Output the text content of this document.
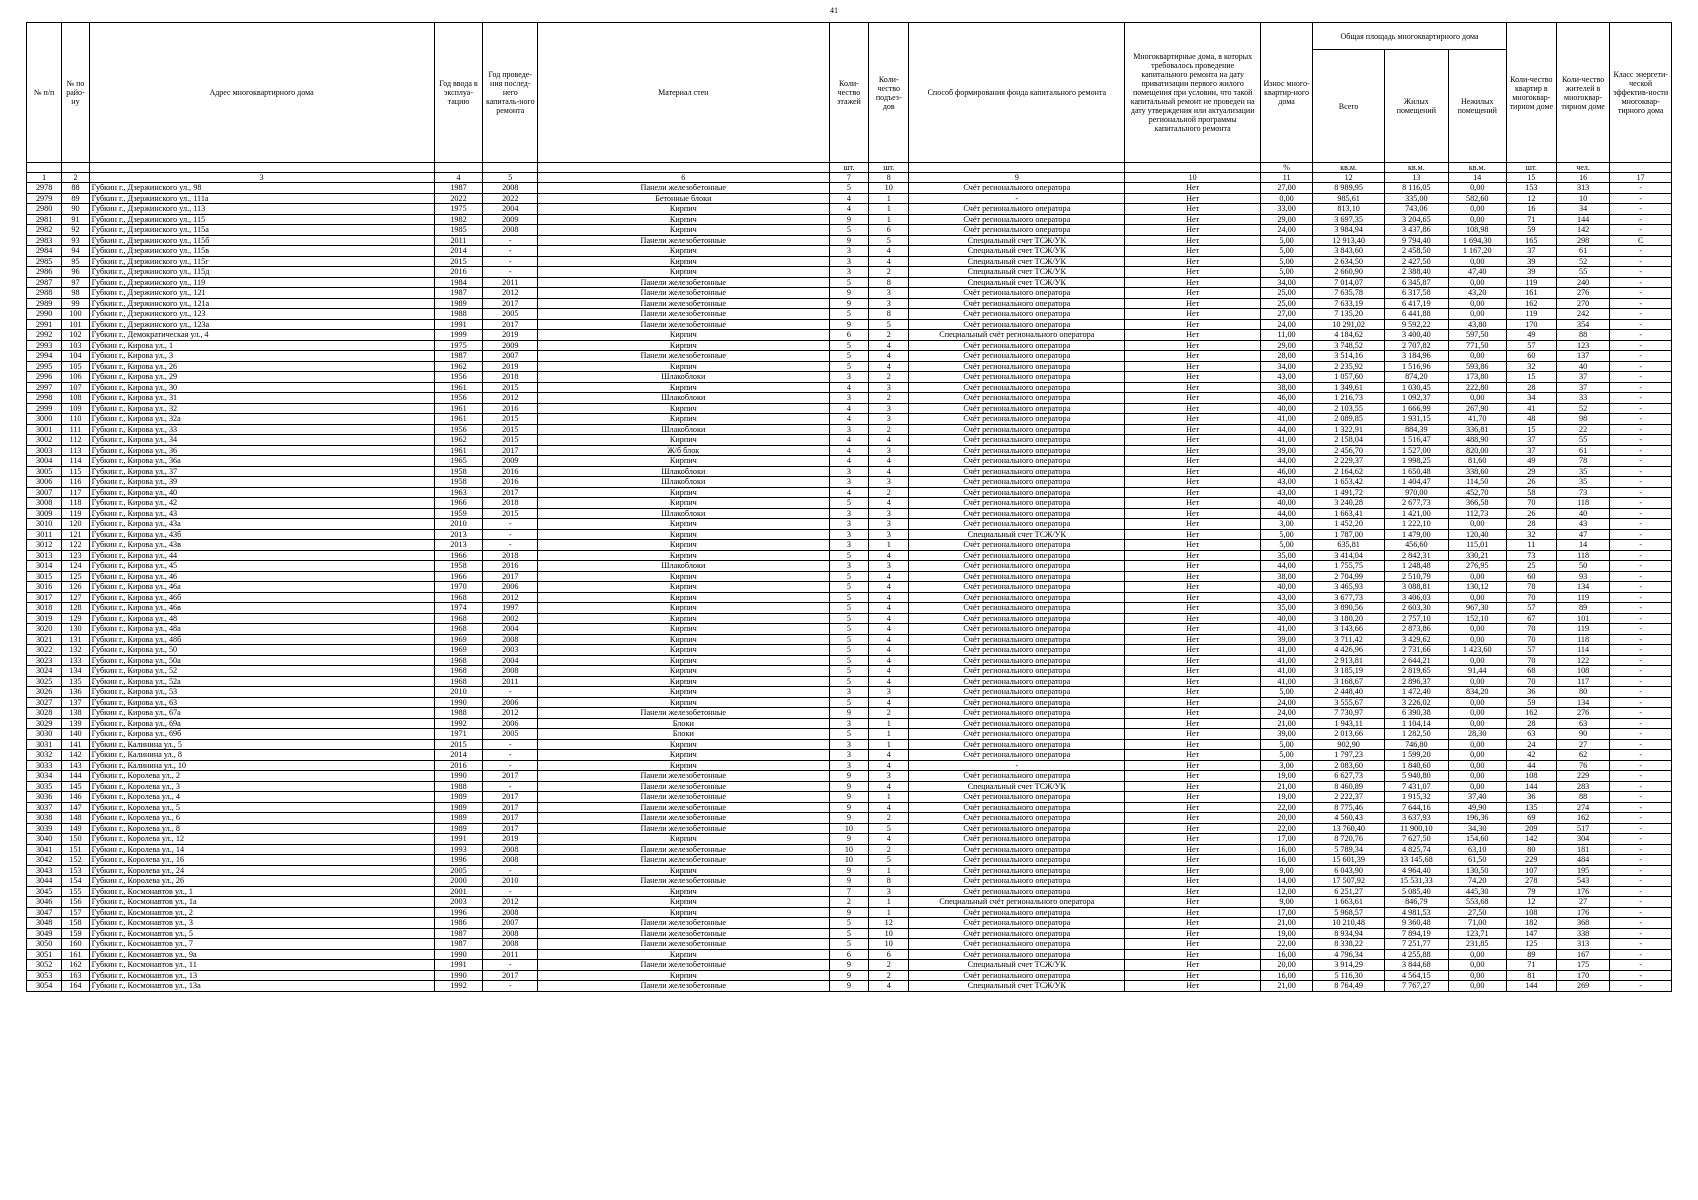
41
№ п/п	№ по райо-ну	Адрес многоквартирного дома	Год ввода в эксплуа-тацию	Год проведе-ния послед-него капиталь-ного ремонта	Материал стен	Коли-чество этажей	Коли-чество подъез-дов	Способ формирования фонда капитального ремонта	Многоквартирные дома, в которых требовалось проведение капитального ремонта на дату приватизации первого жилого помещения при условии, что такой капитальный ремонт не проведен на дату утверждения или актуализации региональной программы капитального ремонта	Износ много-квартир-ного дома	Общая площадь многоквартирного дома			Коли-чество квартир в многоквар-тирном доме	Коли-чество жителей в многоквар-тирном доме	Класс энергети-ческой эффектив-ности многоквар-тирного дома
											Всего	Жилых помещений	Нежилых помещений			
						шт.	шт.			%	кв.м.	кв.м.	кв.м.	шт.	чел.	
1	2	3	4	5	6	7	8	9	10	11	12	13	14	15	16	17
2978	88	Губкин г., Дзержинского ул., 98	1987	2008	Панели железобетонные	5	10	Счёт регионального оператора	Нет	27,00	8 989,95	8 116,05	0,00	153	313	-
2979	89	Губкин г., Дзержинского ул., 111а	2022	2022	Бетонные блоки	4	1	-	Нет	0,00	985,61	335,00	582,60	12	10	-
2980	90	Губкин г., Дзержинского ул., 113	1975	2004	Кирпич	4	1	Счёт регионального оператора	Нет	33,00	813,10	743,06	0,00	16	34	-
2981	91	Губкин г., Дзержинского ул., 115	1982	2009	Кирпич	9	1	Счёт регионального оператора	Нет	29,00	3 697,35	3 204,65	0,00	71	144	-
2982	92	Губкин г., Дзержинского ул., 115а	1985	2008	Кирпич	5	6	Счёт регионального оператора	Нет	24,00	3 984,94	3 437,86	108,98	59	142	-
2983	93	Губкин г., Дзержинского ул., 115б	2011	-	Панели железобетонные	9	5	Специальный счет ТСЖ/УК	Нет	5,00	12 913,40	9 794,40	1 694,30	165	298	С
2984	94	Губкин г., Дзержинского ул., 115в	2014	-	Кирпич	3	4	Специальный счет ТСЖ/УК	Нет	5,00	3 843,60	2 458,50	1 167,20	37	61	-
2985	95	Губкин г., Дзержинского ул., 115г	2015	-	Кирпич	3	4	Специальный счет ТСЖ/УК	Нет	5,00	2 634,50	2 427,50	0,00	39	52	-
2986	96	Губкин г., Дзержинского ул., 115д	2016	-	Кирпич	3	2	Специальный счет ТСЖ/УК	Нет	5,00	2 660,90	2 388,40	47,40	39	55	-
2987	97	Губкин г., Дзержинского ул., 119	1984	2011	Панели железобетонные	5	8	Специальный счет ТСЖ/УК	Нет	34,00	7 014,07	6 345,87	0,00	119	240	-
2988	98	Губкин г., Дзержинского ул., 121	1987	2012	Панели железобетонные	9	3	Счёт регионального оператора	Нет	25,00	7 635,78	6 317,58	43,20	161	276	-
2989	99	Губкин г., Дзержинского ул., 121а	1989	2017	Панели железобетонные	9	3	Счёт регионального оператора	Нет	25,00	7 633,19	6 417,19	0,00	162	270	-
2990	100	Губкин г., Дзержинского ул., 123	1988	2005	Панели железобетонные	5	8	Счёт регионального оператора	Нет	27,00	7 135,20	6 441,88	0,00	119	242	-
2991	101	Губкин г., Дзержинского ул., 123а	1991	2017	Панели железобетонные	9	5	Счёт регионального оператора	Нет	24,00	10 291,02	9 592,22	43,80	170	354	-
2992	102	Губкин г., Демократическая ул., 4	1999	2019	Кирпич	6	2	Специальный счёт регионального оператора	Нет	11,00	4 184,62	3 400,40	597,50	49	88	-
2993	103	Губкин г., Кирова ул., 1	1975	2009	Кирпич	5	4	Счёт регионального оператора	Нет	29,00	3 748,52	2 707,82	771,50	57	123	-
2994	104	Губкин г., Кирова ул., 3	1987	2007	Панели железобетонные	5	4	Счёт регионального оператора	Нет	28,00	3 514,16	3 184,96	0,00	60	137	-
2995	105	Губкин г., Кирова ул., 26	1962	2019	Кирпич	5	4	Счёт регионального оператора	Нет	34,00	2 235,92	1 516,96	593,86	32	40	-
2996	106	Губкин г., Кирова ул., 29	1956	2018	Шлакоблоки	3	2	Счёт регионального оператора	Нет	43,00	1 057,60	874,20	173,80	15	37	-
2997	107	Губкин г., Кирова ул., 30	1961	2015	Кирпич	4	3	Счёт регионального оператора	Нет	38,00	1 349,61	1 030,45	222,80	28	37	-
2998	108	Губкин г., Кирова ул., 31	1956	2012	Шлакоблоки	3	2	Счёт регионального оператора	Нет	46,00	1 216,73	1 092,37	0,00	34	33	-
2999	109	Губкин г., Кирова ул., 32	1961	2016	Кирпич	4	3	Счёт регионального оператора	Нет	40,00	2 103,55	1 666,99	267,90	41	52	-
3000	110	Губкин г., Кирова ул., 32а	1961	2015	Кирпич	4	3	Счёт регионального оператора	Нет	41,00	2 089,85	1 931,15	41,70	48	98	-
3001	111	Губкин г., Кирова ул., 33	1956	2015	Шлакоблоки	3	2	Счёт регионального оператора	Нет	44,00	1 322,91	884,39	336,81	15	22	-
3002	112	Губкин г., Кирова ул., 34	1962	2015	Кирпич	4	4	Счёт регионального оператора	Нет	41,00	2 158,04	1 516,47	488,90	37	55	-
3003	113	Губкин г., Кирова ул., 36	1961	2017	Ж/б блок	4	3	Счёт регионального оператора	Нет	39,00	2 456,70	1 527,00	820,00	37	61	-
3004	114	Губкин г., Кирова ул., 36а	1965	2009	Кирпич	4	4	Счёт регионального оператора	Нет	44,00	2 229,37	1 998,25	81,60	49	78	-
3005	115	Губкин г., Кирова ул., 37	1958	2016	Шлакоблоки	3	4	Счёт регионального оператора	Нет	46,00	2 164,62	1 650,48	338,60	29	35	-
3006	116	Губкин г., Кирова ул., 39	1958	2016	Шлакоблоки	3	3	Счёт регионального оператора	Нет	43,00	1 653,42	1 404,47	114,50	26	35	-
3007	117	Губкин г., Кирова ул., 40	1963	2017	Кирпич	4	2	Счёт регионального оператора	Нет	43,00	1 491,72	970,00	452,70	58	73	-
3008	118	Губкин г., Кирова ул., 42	1966	2018	Кирпич	5	4	Счёт регионального оператора	Нет	40,00	3 240,28	2 677,73	366,58	70	118	-
3009	119	Губкин г., Кирова ул., 43	1959	2015	Шлакоблоки	3	3	Счёт регионального оператора	Нет	44,00	1 663,41	1 421,00	112,73	26	40	-
3010	120	Губкин г., Кирова ул., 43а	2010	-	Кирпич	3	3	Счёт регионального оператора	Нет	3,00	1 452,20	1 222,10	0,00	28	43	-
3011	121	Губкин г., Кирова ул., 43б	2013	-	Кирпич	3	3	Специальный счет ТСЖ/УК	Нет	5,00	1 787,00	1 479,00	120,40	32	47	-
3012	122	Губкин г., Кирова ул., 43в	2013	-	Кирпич	3	1	Счёт регионального оператора	Нет	5,00	635,81	456,60	115,01	11	14	-
3013	123	Губкин г., Кирова ул., 44	1966	2018	Кирпич	5	4	Счёт регионального оператора	Нет	35,00	3 414,04	2 842,31	330,21	73	118	-
3014	124	Губкин г., Кирова ул., 45	1958	2016	Шлакоблоки	3	3	Счёт регионального оператора	Нет	44,00	1 755,75	1 248,48	276,95	25	50	-
3015	125	Губкин г., Кирова ул., 46	1966	2017	Кирпич	5	4	Счёт регионального оператора	Нет	38,00	2 704,99	2 510,79	0,00	60	93	-
3016	126	Губкин г., Кирова ул., 46а	1970	2006	Кирпич	5	4	Счёт регионального оператора	Нет	40,00	3 465,93	3 088,81	130,12	78	134	-
3017	127	Губкин г., Кирова ул., 46б	1968	2012	Кирпич	5	4	Счёт регионального оператора	Нет	43,00	3 677,73	3 406,03	0,00	70	119	-
3018	128	Губкин г., Кирова ул., 46в	1974	1997	Кирпич	5	4	Счёт регионального оператора	Нет	35,00	3 890,56	2 603,30	967,30	57	89	-
3019	129	Губкин г., Кирова ул., 48	1968	2002	Кирпич	5	4	Счёт регионального оператора	Нет	40,00	3 180,20	2 757,10	152,10	67	101	-
3020	130	Губкин г., Кирова ул., 48а	1968	2004	Кирпич	5	4	Счёт регионального оператора	Нет	41,00	3 143,66	2 873,86	0,00	70	119	-
3021	131	Губкин г., Кирова ул., 48б	1969	2008	Кирпич	5	4	Счёт регионального оператора	Нет	39,00	3 711,42	3 429,62	0,00	70	118	-
3022	132	Губкин г., Кирова ул., 50	1969	2003	Кирпич	5	4	Счёт регионального оператора	Нет	41,00	4 426,96	2 731,66	1 423,60	57	114	-
3023	133	Губкин г., Кирова ул., 50а	1968	2004	Кирпич	5	4	Счёт регионального оператора	Нет	41,00	2 913,81	2 644,21	0,00	70	122	-
3024	134	Губкин г., Кирова ул., 52	1968	2008	Кирпич	5	4	Счёт регионального оператора	Нет	41,00	3 185,19	2 819,65	91,44	68	108	-
3025	135	Губкин г., Кирова ул., 52а	1968	2011	Кирпич	5	4	Счёт регионального оператора	Нет	41,00	3 168,67	2 896,37	0,00	70	117	-
3026	136	Губкин г., Кирова ул., 53	2010	-	Кирпич	3	3	Счёт регионального оператора	Нет	5,00	2 448,40	1 472,40	834,20	36	80	-
3027	137	Губкин г., Кирова ул., 63	1990	2006	Кирпич	5	4	Счёт регионального оператора	Нет	24,00	3 555,67	3 226,02	0,00	59	134	-
3028	138	Губкин г., Кирова ул., 67а	1988	2012	Панели железобетонные	9	2	Счёт регионального оператора	Нет	24,00	7 730,97	6 390,38	0,00	162	276	-
3029	139	Губкин г., Кирова ул., 69а	1992	2006	Блоки	3	1	Счёт регионального оператора	Нет	21,00	1 943,11	1 104,14	0,00	28	63	-
3030	140	Губкин г., Кирова ул., 69б	1971	2005	Блоки	5	1	Счёт регионального оператора	Нет	39,00	2 013,66	1 282,50	28,30	63	90	-
3031	141	Губкин г., Калинина ул., 5	2015	-	Кирпич	3	1	Счёт регионального оператора	Нет	5,00	902,90	746,80	0,00	24	27	-
3032	142	Губкин г., Калинина ул., 8	2014	-	Кирпич	3	4	Счёт регионального оператора	Нет	5,00	1 797,23	1 599,20	0,00	42	62	-
3033	143	Губкин г., Калинина ул., 10	2016	-	Кирпич	3	4	-	Нет	3,00	2 083,60	1 840,60	0,00	44	76	-
3034	144	Губкин г., Королева ул., 2	1990	2017	Панели железобетонные	9	3	Счёт регионального оператора	Нет	19,00	6 627,73	5 940,80	0,00	108	229	-
3035	145	Губкин г., Королева ул., 3	1988	-	Панели железобетонные	9	4	Специальный счет ТСЖ/УК	Нет	21,00	8 460,89	7 431,07	0,00	144	283	-
3036	146	Губкин г., Королева ул., 4	1989	2017	Панели железобетонные	9	1	Счёт регионального оператора	Нет	19,00	2 222,37	1 915,32	37,40	36	88	-
3037	147	Губкин г., Королева ул., 5	1989	2017	Панели железобетонные	9	4	Счёт регионального оператора	Нет	22,00	8 775,46	7 644,16	49,90	135	274	-
3038	148	Губкин г., Королева ул., 6	1989	2017	Панели железобетонные	9	2	Счёт регионального оператора	Нет	20,00	4 560,43	3 637,93	196,36	69	162	-
3039	149	Губкин г., Королева ул., 8	1989	2017	Панели железобетонные	10	5	Счёт регионального оператора	Нет	22,00	13 760,40	11 900,10	34,30	209	517	-
3040	150	Губкин г., Королева ул., 12	1991	2019	Кирпич	9	4	Счёт регионального оператора	Нет	17,00	8 720,76	7 627,50	154,60	142	304	-
3041	151	Губкин г., Королева ул., 14	1993	2008	Панели железобетонные	10	2	Счёт регионального оператора	Нет	16,00	5 789,34	4 825,74	63,10	80	181	-
3042	152	Губкин г., Королева ул., 16	1996	2008	Панели железобетонные	10	5	Счёт регионального оператора	Нет	16,00	15 601,39	13 145,68	61,50	229	484	-
3043	153	Губкин г., Королева ул., 24	2005	-	Кирпич	9	1	Счёт регионального оператора	Нет	9,00	6 043,90	4 964,40	130,50	107	195	-
3044	154	Губкин г., Королева ул., 26	2000	2010	Панели железобетонные	9	8	Счёт регионального оператора	Нет	14,00	17 507,92	15 531,33	74,20	278	543	-
3045	155	Губкин г., Космонавтов ул., 1	2001	-	Кирпич	7	3	Счёт регионального оператора	Нет	12,00	6 251,27	5 085,40	445,30	79	176	-
3046	156	Губкин г., Космонавтов ул., 1а	2003	2012	Кирпич	2	1	Специальный счёт регионального оператора	Нет	9,00	1 663,61	846,79	553,68	12	27	-
3047	157	Губкин г., Космонавтов ул., 2	1996	2008	Кирпич	9	1	Счёт регионального оператора	Нет	17,00	5 968,57	4 981,53	27,50	108	176	-
3048	158	Губкин г., Космонавтов ул., 3	1986	2007	Панели железобетонные	5	12	Счёт регионального оператора	Нет	21,00	10 210,48	9 360,48	71,00	182	368	-
3049	159	Губкин г., Космонавтов ул., 5	1987	2008	Панели железобетонные	5	10	Счёт регионального оператора	Нет	19,00	8 934,94	7 894,19	123,71	147	338	-
3050	160	Губкин г., Космонавтов ул., 7	1987	2008	Панели железобетонные	5	10	Счёт регионального оператора	Нет	22,00	8 338,22	7 251,77	231,85	125	313	-
3051	161	Губкин г., Космонавтов ул., 9а	1990	2011	Кирпич	6	6	Счёт регионального оператора	Нет	16,00	4 796,34	4 255,88	0,00	89	167	-
3052	162	Губкин г., Космонавтов ул., 11	1991	-	Панели железобетонные	9	2	Специальный счет ТСЖ/УК	Нет	20,00	3 914,29	3 844,68	0,00	71	175	-
3053	163	Губкин г., Космонавтов ул., 13	1990	2017	Кирпич	9	2	Счёт регионального оператора	Нет	16,00	5 116,30	4 564,15	0,00	81	170	-
3054	164	Губкин г., Космонавтов ул., 13а	1992	-	Панели железобетонные	9	4	Специальный счет ТСЖ/УК	Нет	21,00	8 764,49	7 767,27	0,00	144	269	-
